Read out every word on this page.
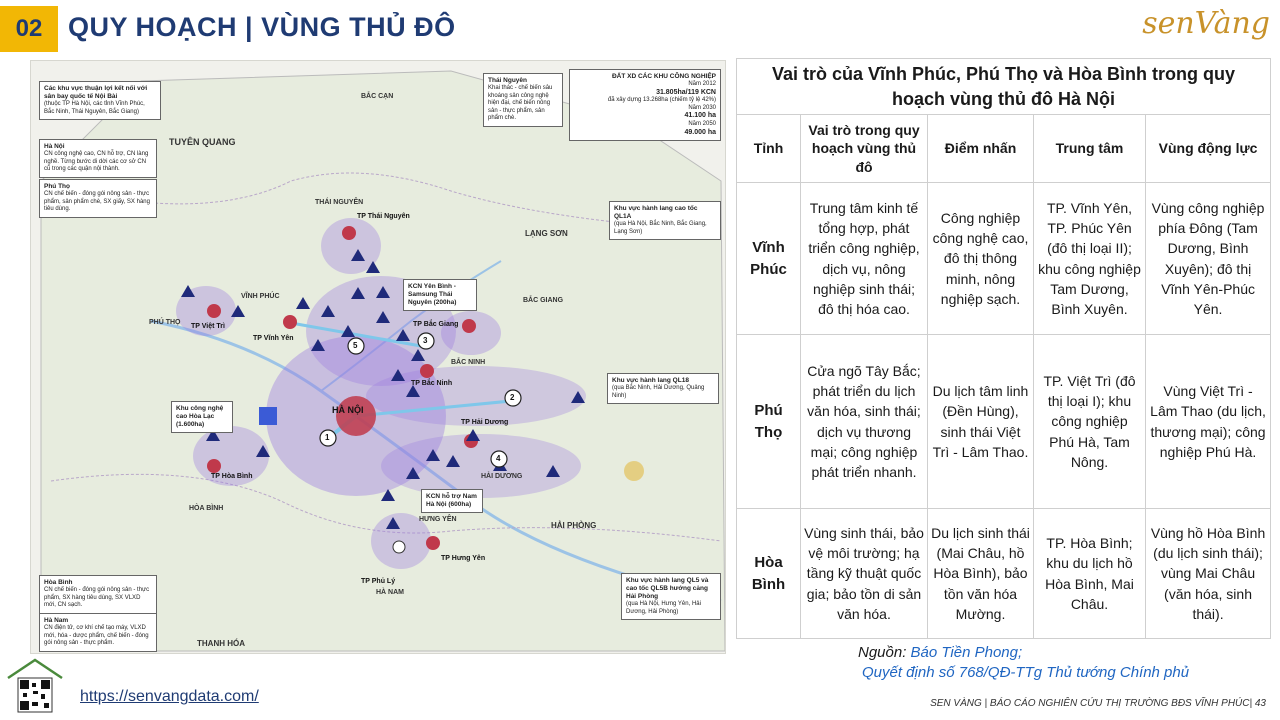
02 QUY HOẠCH | VÙNG THỦ ĐÔ	senVàng
1
2
3
4
5
TUYÊN QUANG
BẮC CẠN
THÁI NGUYÊN
LẠNG SƠN
VĨNH PHÚC
PHÚ THỌ
BẮC GIANG
BẮC NINH
HẢI DƯƠNG
HÒA BÌNH
HƯNG YÊN
HẢI PHÒNG
HÀ NAM
THANH HÓA
HÀ NỘI
TP Thái Nguyên
TP Việt Trì
TP Vĩnh Yên
TP Bắc Giang
TP Bắc Ninh
TP Hải Dương
TP Hòa Bình
TP Hưng Yên
TP Phủ Lý
Các khu vực thuận lợi kết nối với sân bay quốc tế Nội Bài
(thuộc TP Hà Nội, các tỉnh Vĩnh Phúc, Bắc Ninh, Thái Nguyên, Bắc Giang)
Hà Nội
CN công nghệ cao, CN hỗ trợ, CN làng nghề. Từng bước di dời các cơ sở CN cũ trong các quận nội thành.
Phú Thọ
CN chế biến - đóng gói nông sản - thực phẩm, sản phẩm chè, SX giấy, SX hàng tiêu dùng.
Thái Nguyên
Khai thác - chế biến sâu khoáng sản công nghệ hiện đại, chế biến nông sản - thực phẩm, sản phẩm chè.
ĐẤT XD CÁC KHU CÔNG NGHIỆP
Năm 2012
31.805ha/119 KCN
đã xây dựng 13.268ha (chiếm tỷ lệ 42%)
Năm 2030
41.100 ha
Năm 2050
49.000 ha
Khu vực hành lang cao tốc QL1A
(qua Hà Nội, Bắc Ninh, Bắc Giang, Lạng Sơn)
KCN Yên Bình - Samsung Thái Nguyên (200ha)
Khu vực hành lang QL18
(qua Bắc Ninh, Hải Dương, Quảng Ninh)
Khu công nghệ cao Hòa Lạc (1.600ha)
KCN hỗ trợ Nam Hà Nội (600ha)
Khu vực hành lang QL5 và cao tốc QL5B hướng cảng Hải Phòng
(qua Hà Nội, Hưng Yên, Hải Dương, Hải Phòng)
Hòa Bình
CN chế biến - đóng gói nông sản - thực phẩm, SX hàng tiêu dùng, SX VLXD mới, CN sạch.
Hà Nam
CN điện tử, cơ khí chế tạo máy, VLXD mới, hóa - dược phẩm, chế biến - đóng gói nông sản - thực phẩm.
Vai trò của Vĩnh Phúc, Phú Thọ và Hòa Bình trong quy hoạch vùng thủ đô Hà Nội				
Tỉnh	Vai trò trong quy hoạch vùng thủ đô	Điểm nhấn	Trung tâm	Vùng động lực
Vĩnh Phúc	Trung tâm kinh tế tổng hợp, phát triển công nghiệp, dịch vụ, nông nghiệp sinh thái; đô thị hóa cao.	Công nghiệp công nghệ cao, đô thị thông minh, nông nghiệp sạch.	TP. Vĩnh Yên, TP. Phúc Yên (đô thị loại II); khu công nghiệp Tam Dương, Bình Xuyên.	Vùng công nghiệp phía Đông (Tam Dương, Bình Xuyên); đô thị Vĩnh Yên-Phúc Yên.
Phú Thọ	Cửa ngõ Tây Bắc; phát triển du lịch văn hóa, sinh thái; dịch vụ thương mại; công nghiệp phát triển nhanh.	Du lịch tâm linh (Đền Hùng), sinh thái Việt Trì - Lâm Thao.	TP. Việt Trì (đô thị loại I); khu công nghiệp Phú Hà, Tam Nông.	Vùng Việt Trì - Lâm Thao (du lịch, thương mại); công nghiệp Phú Hà.
Hòa Bình	Vùng sinh thái, bảo vệ môi trường; hạ tầng kỹ thuật quốc gia; bảo tồn di sản văn hóa.	Du lịch sinh thái (Mai Châu, hồ Hòa Bình), bảo tồn văn hóa Mường.	TP. Hòa Bình; khu du lịch hồ Hòa Bình, Mai Châu.	Vùng hồ Hòa Bình (du lịch sinh thái); vùng Mai Châu (văn hóa, sinh thái).
Nguồn: Báo Tiền Phong;
Quyết định số 768/QĐ-TTg Thủ tướng Chính phủ
https://senvangdata.com/	SEN VÀNG | BÁO CÁO NGHIÊN CỨU THỊ TRƯỜNG BĐS VĨNH PHÚC| 43
